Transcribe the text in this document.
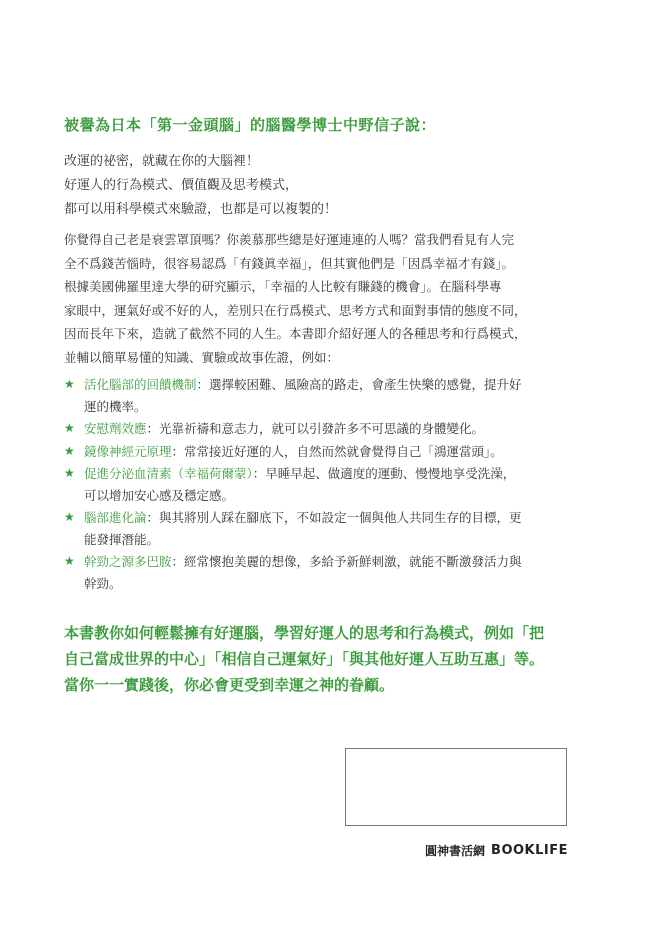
被譽為日本「第一金頭腦」的腦醫學博士中野信子說：
改運的祕密，就藏在你的大腦裡！
好運人的行為模式、價值觀及思考模式，
都可以用科學模式來驗證，也都是可以複製的！
你覺得自己老是衰雲罩頂嗎？你羨慕那些總是好運連連的人嗎？當我們看見有人完
全不爲錢苦惱時，很容易認爲「有錢眞幸福」，但其實他們是「因爲幸福才有錢」。
根據美國佛羅里達大學的研究顯示，「幸福的人比較有賺錢的機會」。在腦科學專
家眼中，運氣好或不好的人，差別只在行爲模式、思考方式和面對事情的態度不同，
因而長年下來，造就了截然不同的人生。本書即介紹好運人的各種思考和行爲模式，
並輔以簡單易懂的知識、實驗或故事佐證，例如：
★ 活化腦部的回饋機制：選擇較困難、風險高的路走，會產生快樂的感覺，提升好
運的機率。
★ 安慰劑效應：光靠祈禱和意志力，就可以引發許多不可思議的身體變化。
★ 鏡像神經元原理：常常接近好運的人，自然而然就會覺得自己「鴻運當頭」。
★ 促進分泌血清素（幸福荷爾蒙）：早睡早起、做適度的運動、慢慢地享受洗澡，
可以增加安心感及穩定感。
★ 腦部進化論：與其將別人踩在腳底下，不如設定一個與他人共同生存的目標，更
能發揮潛能。
★ 幹勁之源多巴胺：經常懷抱美麗的想像，多給予新鮮刺激，就能不斷激發活力與
幹勁。
本書教你如何輕鬆擁有好運腦，學習好運人的思考和行為模式，例如「把
自己當成世界的中心」「相信自己運氣好」「與其他好運人互助互惠」等。
當你一一實踐後，你必會更受到幸運之神的眷顧。
圓神書活網 BOOKLIFE
